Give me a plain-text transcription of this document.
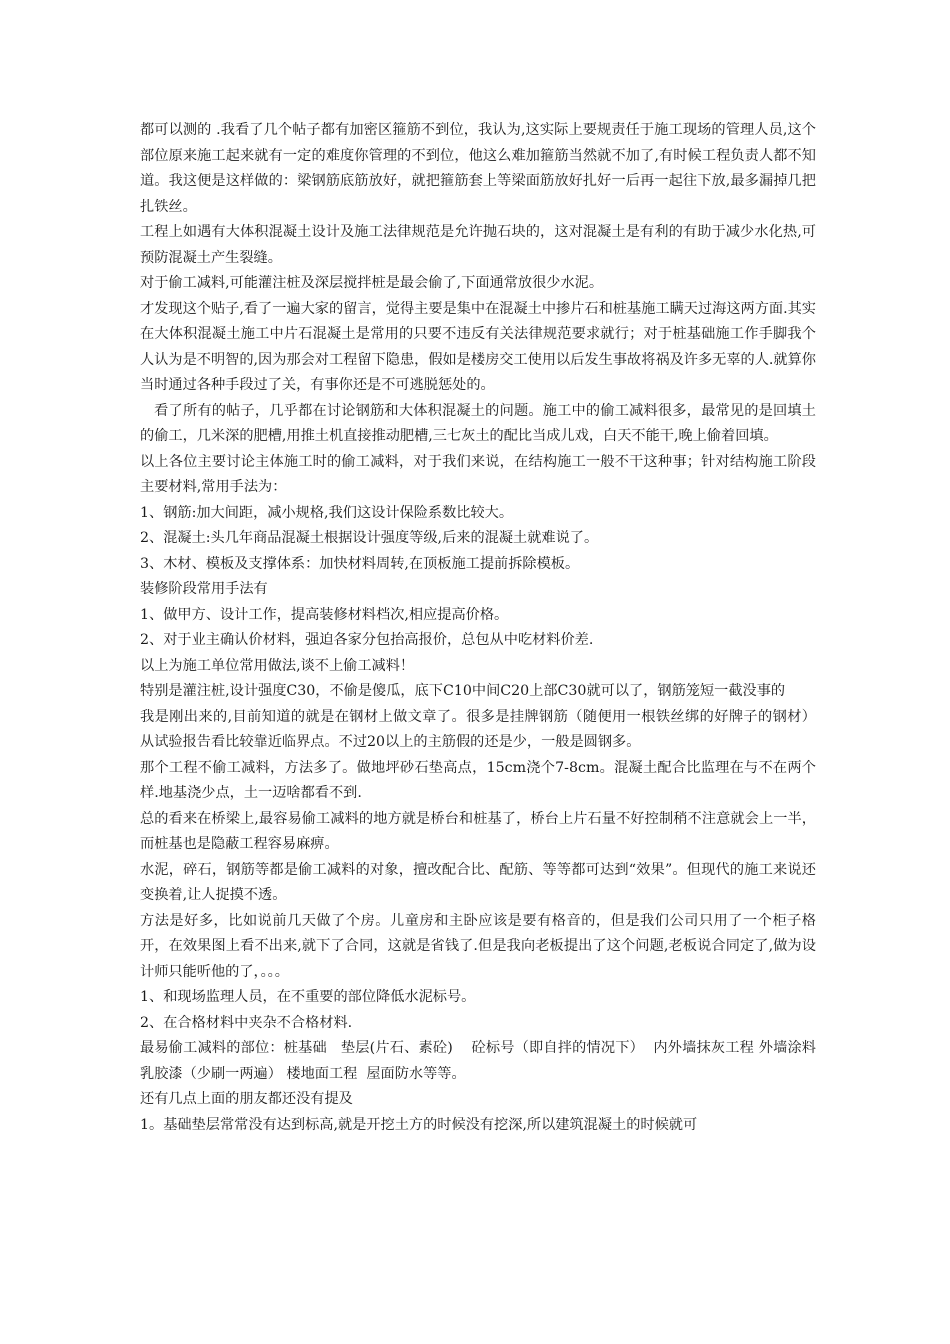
都可以测的 .我看了几个帖子都有加密区箍筋不到位，我认为,这实际上要规责任于施工现场的管理人员,这个部位原来施工起来就有一定的难度你管理的不到位，他这么难加箍筋当然就不加了,有时候工程负责人都不知道。我这便是这样做的：梁钢筋底筋放好，就把箍筋套上等梁面筋放好扎好一后再一起往下放,最多漏掉几把扎铁丝。

工程上如遇有大体积混凝土设计及施工法律规范是允许抛石块的，这对混凝土是有利的有助于减少水化热,可预防混凝土产生裂缝。

对于偷工减料,可能灌注桩及深层搅拌桩是最会偷了,下面通常放很少水泥。

才发现这个贴子,看了一遍大家的留言，觉得主要是集中在混凝土中掺片石和桩基施工瞒天过海这两方面.其实在大体积混凝土施工中片石混凝土是常用的只要不违反有关法律规范要求就行；对于桩基础施工作手脚我个人认为是不明智的,因为那会对工程留下隐患，假如是楼房交工使用以后发生事故将祸及许多无辜的人.就算你当时通过各种手段过了关，有事你还是不可逃脱惩处的。

看了所有的帖子，几乎都在讨论钢筋和大体积混凝土的问题。施工中的偷工减料很多，最常见的是回填土的偷工，几米深的肥槽,用推土机直接推动肥槽,三七灰土的配比当成儿戏，白天不能干,晚上偷着回填。

以上各位主要讨论主体施工时的偷工减料，对于我们来说，在结构施工一般不干这种事；针对结构施工阶段主要材料,常用手法为：

1、钢筋:加大间距，减小规格,我们这设计保险系数比较大。

2、混凝土:头几年商品混凝土根据设计强度等级,后来的混凝土就难说了。

3、木材、模板及支撑体系：加快材料周转,在顶板施工提前拆除模板。

装修阶段常用手法有

1、做甲方、设计工作，提高装修材料档次,相应提高价格。

2、对于业主确认价材料，强迫各家分包抬高报价，总包从中吃材料价差.

以上为施工单位常用做法,谈不上偷工减料！

特别是灌注桩,设计强度C30，不偷是傻瓜，底下C10中间C20上部C30就可以了，钢筋笼短一截没事的

我是刚出来的,目前知道的就是在钢材上做文章了。很多是挂牌钢筋（随便用一根铁丝绑的好牌子的钢材）  从试验报告看比较靠近临界点。不过20以上的主筋假的还是少，一般是圆钢多。

那个工程不偷工减料，方法多了。做地坪砂石垫高点，15cm浇个7-8cm。混凝土配合比监理在与不在两个样.地基浇少点，土一迈啥都看不到.

总的看来在桥梁上,最容易偷工减料的地方就是桥台和桩基了，桥台上片石量不好控制稍不注意就会上一半，而桩基也是隐蔽工程容易麻痹。

水泥，碎石，钢筋等都是偷工减料的对象，擅改配合比、配筋、等等都可达到“效果”。但现代的施工来说还变换着,让人捉摸不透。

方法是好多，比如说前几天做了个房。儿童房和主卧应该是要有格音的，但是我们公司只用了一个柜子格开，在效果图上看不出来,就下了合同，这就是省钱了.但是我向老板提出了这个问题,老板说合同定了,做为设计师只能听他的了，。。。

1、和现场监理人员，在不重要的部位降低水泥标号。

2、在合格材料中夹杂不合格材料.

最易偷工减料的部位：桩基础   垫层(片石、素砼)    砼标号（即自拌的情况下）  内外墙抹灰工程 外墙涂料  乳胶漆（少刷一两遍） 楼地面工程  屋面防水等等。

还有几点上面的朋友都还没有提及

1。基础垫层常常没有达到标高,就是开挖土方的时候没有挖深,所以建筑混凝土的时候就可
